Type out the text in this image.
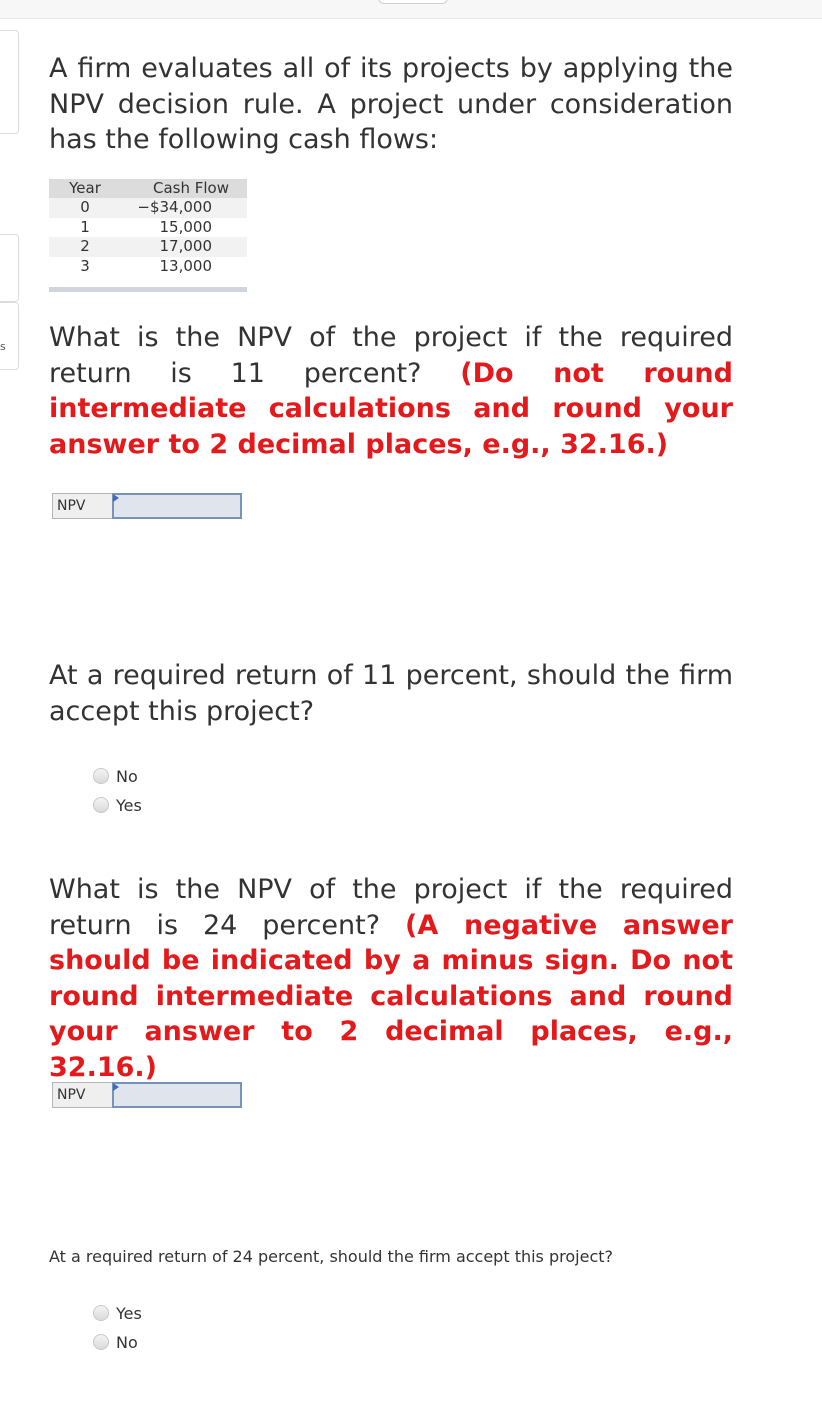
s

A firm evaluates all of its projects by applying the NPV decision rule. A project under consideration has the following cash flows:

Year	Cash Flow
0	−$34,000
1	15,000
2	17,000
3	13,000

What is the NPV of the project if the required return is 11 percent? (Do not round intermediate calculations and round your answer to 2 decimal places, e.g., 32.16.)

NPV

At a required return of 11 percent, should the firm accept this project?

No
Yes

What is the NPV of the project if the required return is 24 percent? (A negative answer should be indicated by a minus sign. Do not round intermediate calculations and round your answer to 2 decimal places, e.g., 32.16.)

NPV

At a required return of 24 percent, should the firm accept this project?

Yes
No
